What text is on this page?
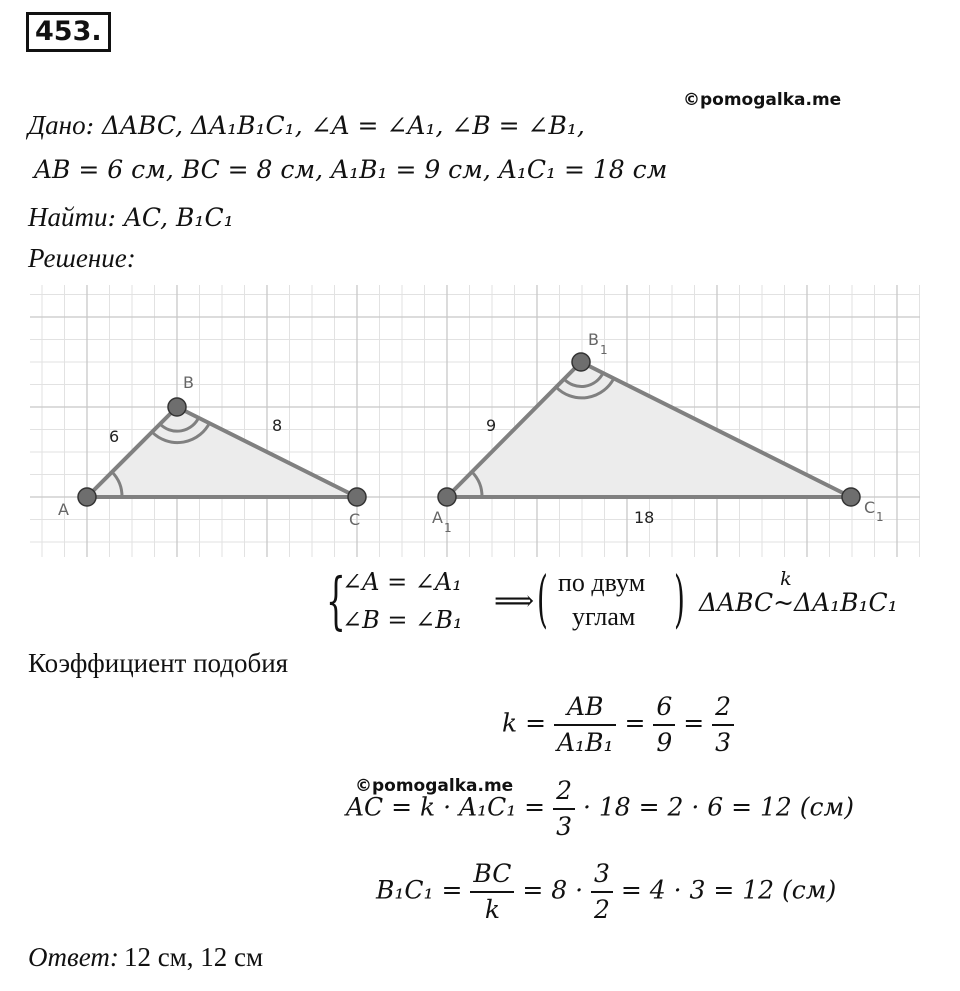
453.
©pomogalka.me
Дано: ΔABC, ΔA₁B₁C₁, ∠A = ∠A₁, ∠B = ∠B₁,
AB = 6 см, BC = 8 см, A₁B₁ = 9 см, A₁C₁ = 18 см
Найти: AC, B₁C₁
Решение:
A
B
C	A
1
B
1
C 1
6
8	9
18
{
∠A = ∠A₁
∠B = ∠B₁
⟹ ( по двум
углам ) ΔABC
k
~ΔA₁B₁C₁
Коэффициент подобия
$k = \frac{AB}{\text{A₁B₁}} = \frac{6}{9} = \frac{2}{3}$
©pomogalka.me
AC = $k \cdot A_1C_1 = \frac{2}{3} \cdot 18 = 2 \cdot 6 = 12$ (см)
$B_1C_1 = \frac{BC}{k} = 8 \cdot \frac{3}{2} = 4 \cdot 3 = 12$ (см)
Ответ: 12 см, 12 см
